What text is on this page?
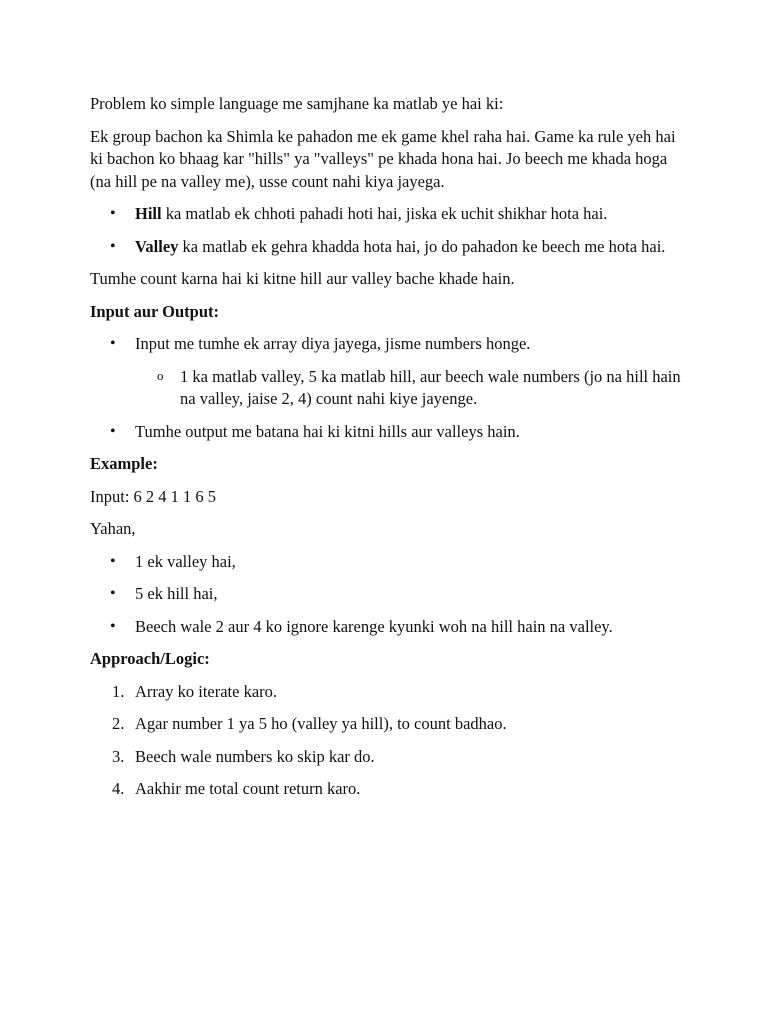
Problem ko simple language me samjhane ka matlab ye hai ki:

Ek group bachon ka Shimla ke pahadon me ek game khel raha hai. Game ka rule yeh hai ki bachon ko bhaag kar "hills" ya "valleys" pe khada hona hai. Jo beech me khada hoga (na hill pe na valley me), usse count nahi kiya jayega.

• Hill ka matlab ek chhoti pahadi hoti hai, jiska ek uchit shikhar hota hai.
• Valley ka matlab ek gehra khadda hota hai, jo do pahadon ke beech me hota hai.

Tumhe count karna hai ki kitne hill aur valley bache khade hain.

Input aur Output:

• Input me tumhe ek array diya jayega, jisme numbers honge.
o 1 ka matlab valley, 5 ka matlab hill, aur beech wale numbers (jo na hill hain na valley, jaise 2, 4) count nahi kiye jayenge.
• Tumhe output me batana hai ki kitni hills aur valleys hain.

Example:

Input: 6 2 4 1 1 6 5

Yahan,

• 1 ek valley hai,
• 5 ek hill hai,
• Beech wale 2 aur 4 ko ignore karenge kyunki woh na hill hain na valley.

Approach/Logic:

1. Array ko iterate karo.
2. Agar number 1 ya 5 ho (valley ya hill), to count badhao.
3. Beech wale numbers ko skip kar do.
4. Aakhir me total count return karo.
